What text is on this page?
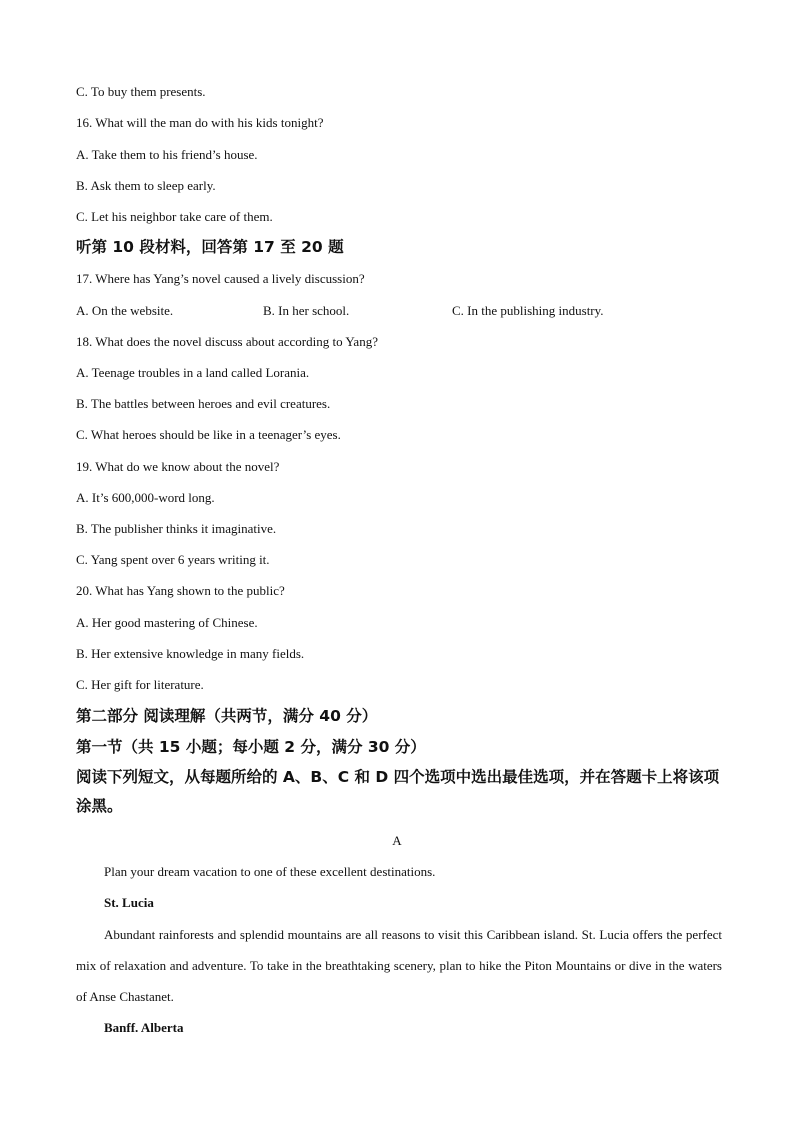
C. To buy them presents.
16. What will the man do with his kids tonight?
A. Take them to his friend’s house.
B. Ask them to sleep early.
C. Let his neighbor take care of them.
听第 10 段材料，回答第 17 至 20 题
17. Where has Yang’s novel caused a lively discussion?
A. On the website.	B. In her school.	C. In the publishing industry.
18. What does the novel discuss about according to Yang?
A. Teenage troubles in a land called Lorania.
B. The battles between heroes and evil creatures.
C. What heroes should be like in a teenager’s eyes.
19. What do we know about the novel?
A. It’s 600,000-word long.
B. The publisher thinks it imaginative.
C. Yang spent over 6 years writing it.
20. What has Yang shown to the public?
A. Her good mastering of Chinese.
B. Her extensive knowledge in many fields.
C. Her gift for literature.
第二部分 阅读理解（共两节，满分 40 分）
第一节（共 15 小题；每小题 2 分，满分 30 分）
阅读下列短文，从每题所给的 A、B、C 和 D 四个选项中选出最佳选项，并在答题卡上将该项涂黑。
A
Plan your dream vacation to one of these excellent destinations.
St. Lucia
Abundant rainforests and splendid mountains are all reasons to visit this Caribbean island. St. Lucia offers the perfect mix of relaxation and adventure. To take in the breathtaking scenery, plan to hike the Piton Mountains or dive in the waters of Anse Chastanet.
Banff. Alberta
